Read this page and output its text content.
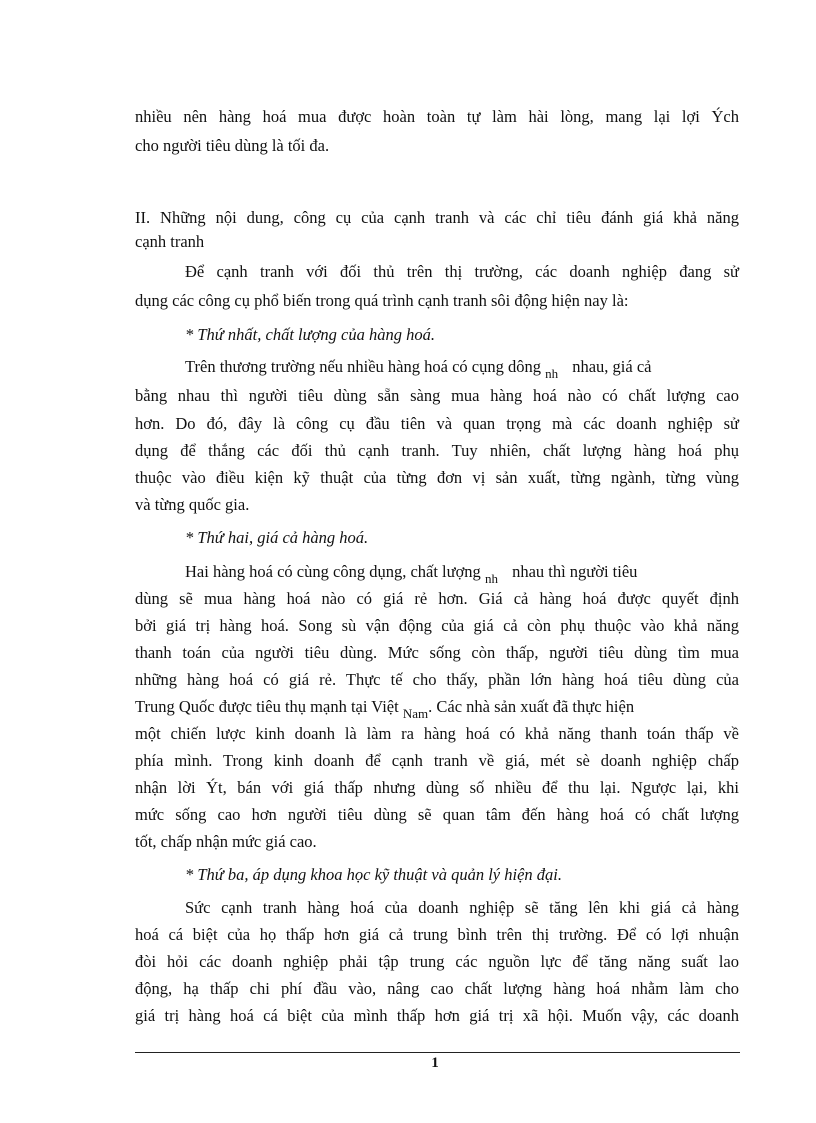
nhiều nên hàng hoá mua được hoàn toàn tự làm hài lòng, mang lại lợi Ých
cho người tiêu dùng là tối đa.
II. Những nội dung, công cụ của cạnh tranh và các chỉ tiêu đánh giá khả năng
cạnh tranh
Để cạnh tranh với đối thủ trên thị trường, các doanh nghiệp đang sử
dụng các công cụ phổ biến trong quá trình cạnh tranh sôi động hiện nay là:
* Thứ nhất, chất lượng của hàng hoá.
Trên thương trường nếu nhiều hàng hoá có cụng dông $_{nh}$ nhau, giá cả
bằng nhau thì người tiêu dùng sẵn sàng mua hàng hoá nào có chất lượng cao
hơn. Do đó, đây là công cụ đầu tiên và quan trọng mà các doanh nghiệp sử
dụng để thắng các đối thủ cạnh tranh. Tuy nhiên, chất lượng hàng hoá phụ
thuộc vào điều kiện kỹ thuật của từng đơn vị sản xuất, từng ngành, từng vùng
và từng quốc gia.
* Thứ hai, giá cả hàng hoá.
Hai hàng hoá có cùng công dụng, chất lượng $_{nh}$ nhau thì người tiêu
dùng sẽ mua hàng hoá nào có giá rẻ hơn. Giá cả hàng hoá được quyết định
bởi giá trị hàng hoá. Song sù vận động của giá cả còn phụ thuộc vào khả năng
thanh toán của người tiêu dùng. Mức sống còn thấp, người tiêu dùng tìm mua
những hàng hoá có giá rẻ. Thực tế cho thấy, phần lớn hàng hoá tiêu dùng của
Trung Quốc được tiêu thụ mạnh tại Việt $_{Nam}$. Các nhà sản xuất đã thực hiện
một chiến lược kinh doanh là làm ra hàng hoá có khả năng thanh toán thấp về
phía mình. Trong kinh doanh để cạnh tranh về giá, mét sè doanh nghiệp chấp
nhận lời Ýt, bán với giá thấp nhưng dùng số nhiều để thu lại. Ngược lại, khi
mức sống cao hơn người tiêu dùng sẽ quan tâm đến hàng hoá có chất lượng
tốt, chấp nhận mức giá cao.
* Thứ ba, áp dụng khoa học kỹ thuật và quản lý hiện đại.
Sức cạnh tranh hàng hoá của doanh nghiệp sẽ tăng lên khi giá cả hàng
hoá cá biệt của họ thấp hơn giá cả trung bình trên thị trường. Để có lợi nhuận
đòi hỏi các doanh nghiệp phải tập trung các nguồn lực để tăng năng suất lao
động, hạ thấp chi phí đầu vào, nâng cao chất lượng hàng hoá nhằm làm cho
giá trị hàng hoá cá biệt của mình thấp hơn giá trị xã hội. Muốn vậy, các doanh
1
